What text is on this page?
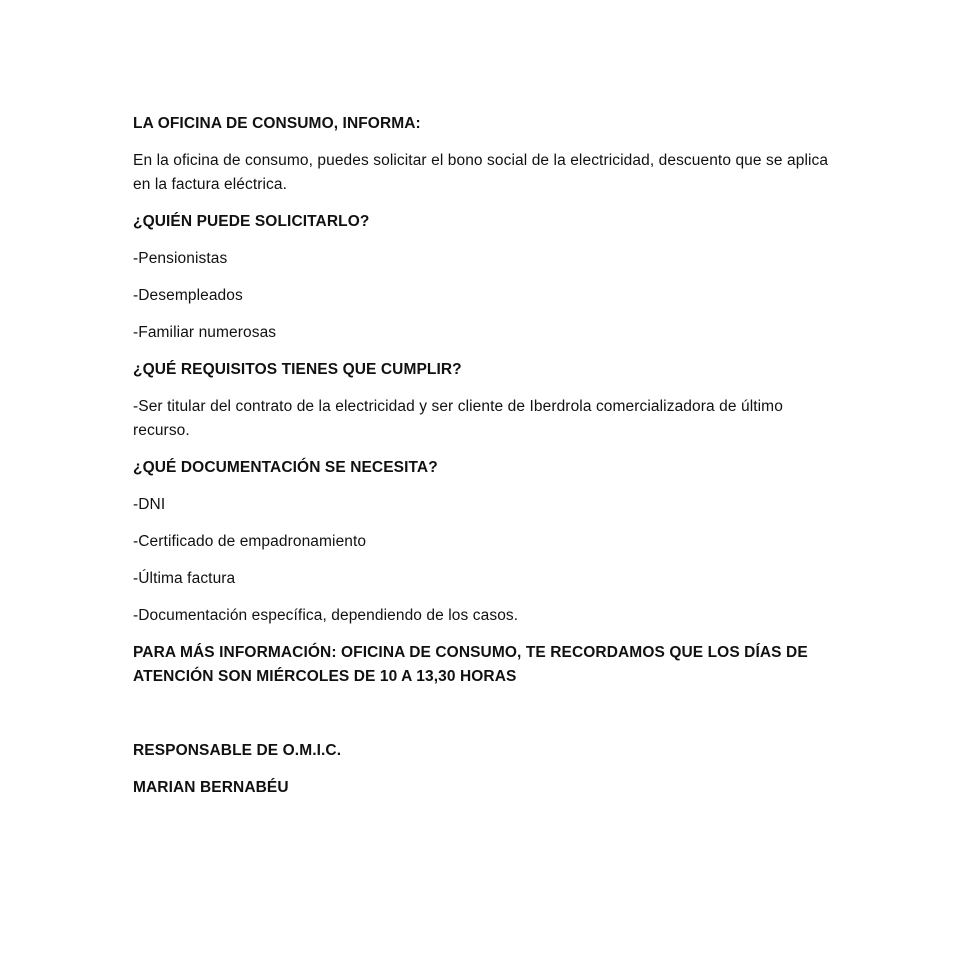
LA OFICINA DE CONSUMO, INFORMA:

En la oficina de consumo, puedes solicitar el bono social de la electricidad, descuento que se aplica en la factura eléctrica.

¿QUIÉN PUEDE SOLICITARLO?

-Pensionistas

-Desempleados

-Familiar numerosas

¿QUÉ REQUISITOS TIENES QUE CUMPLIR?

-Ser titular del contrato de la electricidad y ser cliente de Iberdrola comercializadora de último recurso.

¿QUÉ DOCUMENTACIÓN SE NECESITA?

-DNI

-Certificado de empadronamiento

-Última factura

-Documentación específica, dependiendo de los casos.

PARA MÁS INFORMACIÓN: OFICINA DE CONSUMO, TE RECORDAMOS QUE LOS DÍAS DE ATENCIÓN SON MIÉRCOLES DE 10 A 13,30 HORAS

RESPONSABLE DE O.M.I.C.

MARIAN BERNABÉU
